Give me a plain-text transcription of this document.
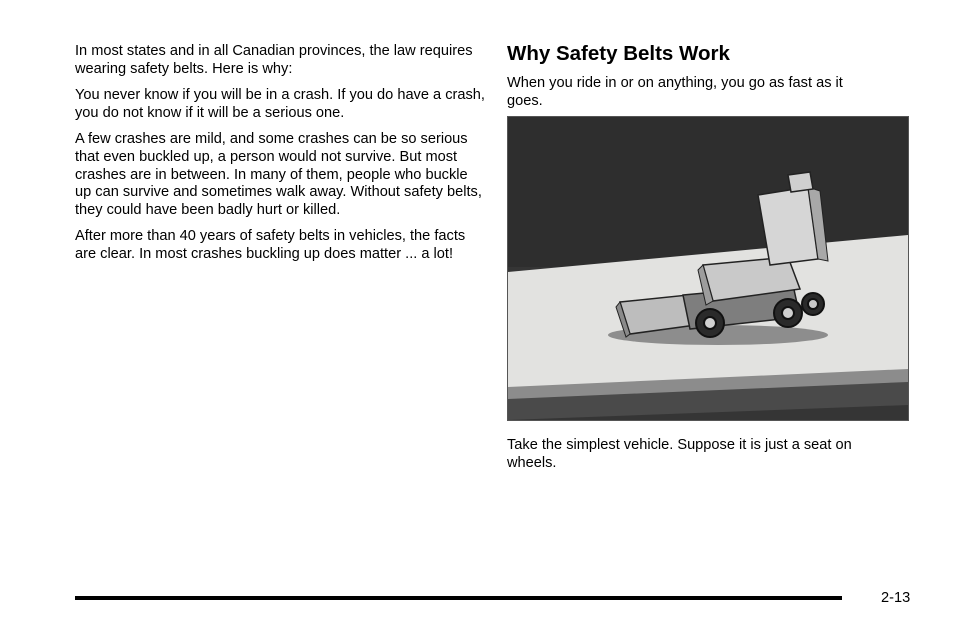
In most states and in all Canadian provinces, the law requires wearing safety belts. Here is why:

You never know if you will be in a crash. If you do have a crash, you do not know if it will be a serious one.

A few crashes are mild, and some crashes can be so serious that even buckled up, a person would not survive. But most crashes are in between. In many of them, people who buckle up can survive and sometimes walk away. Without safety belts, they could have been badly hurt or killed.

After more than 40 years of safety belts in vehicles, the facts are clear. In most crashes buckling up does matter ... a lot!

Why Safety Belts Work

When you ride in or on anything, you go as fast as it goes.

Take the simplest vehicle. Suppose it is just a seat on wheels.

2-13
